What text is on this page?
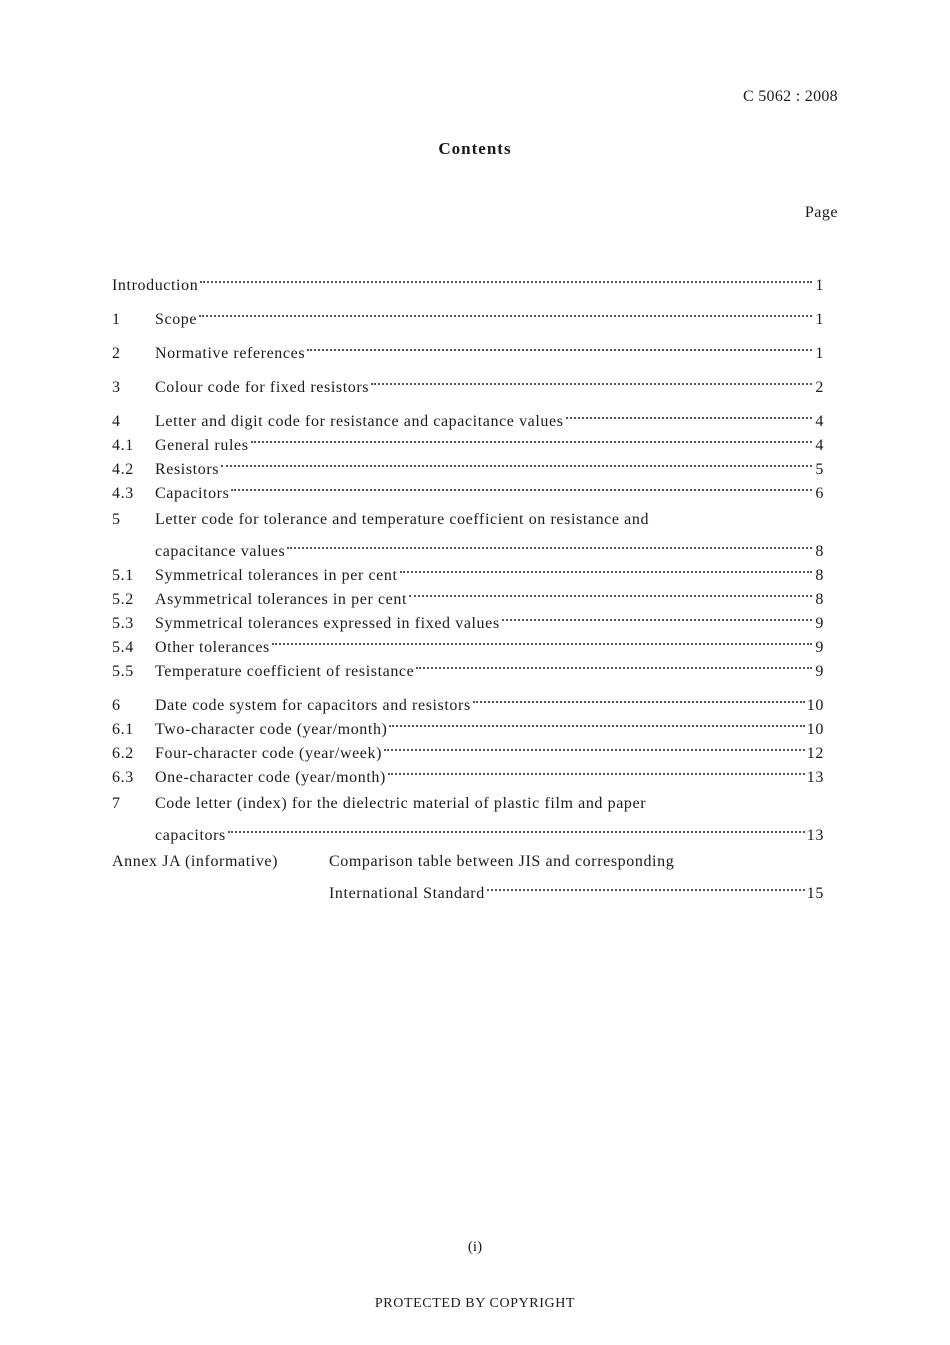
C 5062 : 2008
Contents
Page
Introduction	1
1	Scope	1
2	Normative references	1
3	Colour code for fixed resistors	2
4	Letter and digit code for resistance and capacitance values	4
4.1	General rules	4
4.2	Resistors	5
4.3	Capacitors	6
5	Letter code for tolerance and temperature coefficient on resistance and
capacitance values	8
5.1	Symmetrical tolerances in per cent	8
5.2	Asymmetrical tolerances in per cent	8
5.3	Symmetrical tolerances expressed in fixed values	9
5.4	Other tolerances	9
5.5	Temperature coefficient of resistance	9
6	Date code system for capacitors and resistors	10
6.1	Two-character code (year/month)	10
6.2	Four-character code (year/week)	12
6.3	One-character code (year/month)	13
7	Code letter (index) for the dielectric material of plastic film and paper
capacitors	13
Annex JA (informative)	Comparison table between JIS and corresponding
International Standard	15
(i)
PROTECTED BY COPYRIGHT
